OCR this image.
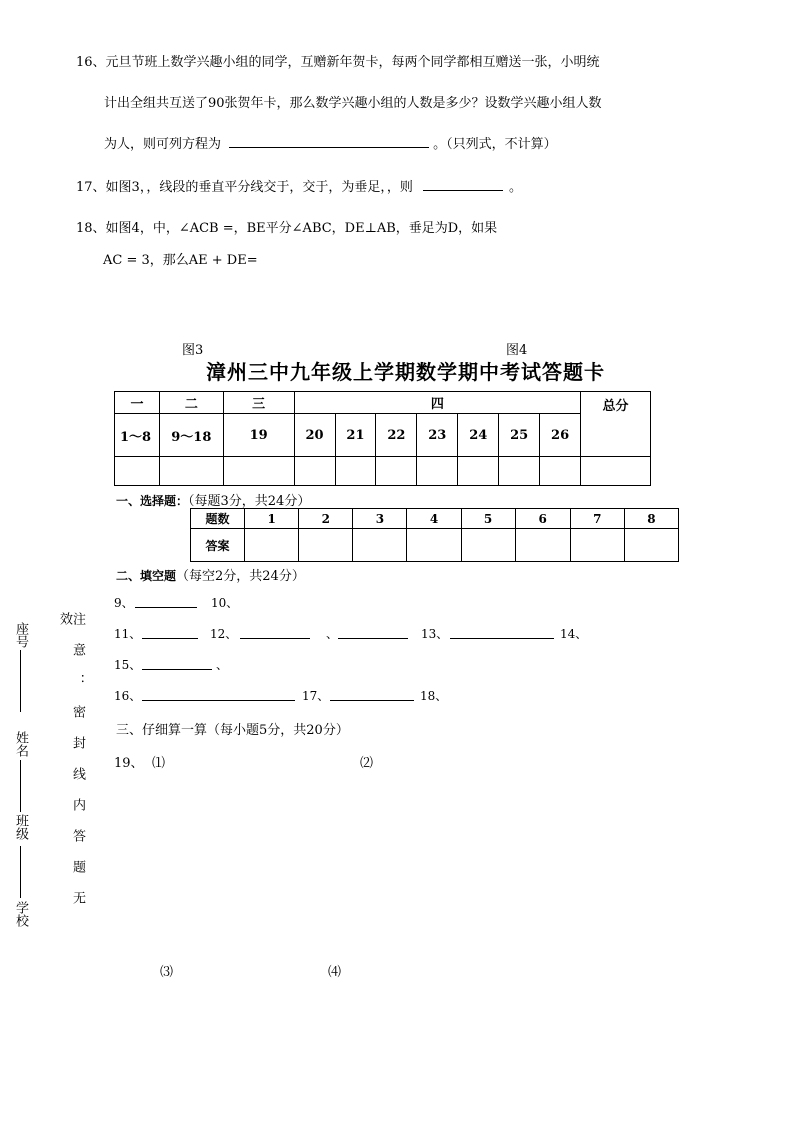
16、元旦节班上数学兴趣小组的同学，互赠新年贺卡，每两个同学都相互赠送一张，小明统
计出全组共互送了90张贺年卡，那么数学兴趣小组的人数是多少？设数学兴趣小组人数
为人，则可列方程为	。（只列式，不计算）
17、如图3，，线段的垂直平分线交于，交于，为垂足，，则	。
18、如图4，中，∠ACB =，BE平分∠ABC，DE⊥AB，垂足为D，如果
AC = 3，那么AE + DE=
图3	图4
漳州三中九年级上学期数学期中考试答题卡
一	二	三	四							总分
1～8	9～18	19	20	21	22	23	24	25	26	

一、选择题：（每题3分，共24分）
题数	1	2	3	4	5	6	7	8
答案								
二、填空题（每空2分，共24分）
9、	10、
11、	12、	、	13、	14、
15、	、
16、	17、	18、
三、仔细算一算（每小题5分，共20分）
19、 ⑴	⑵
⑶	⑷
座号
姓名
班级
学校	注意：密封线内答题无效
